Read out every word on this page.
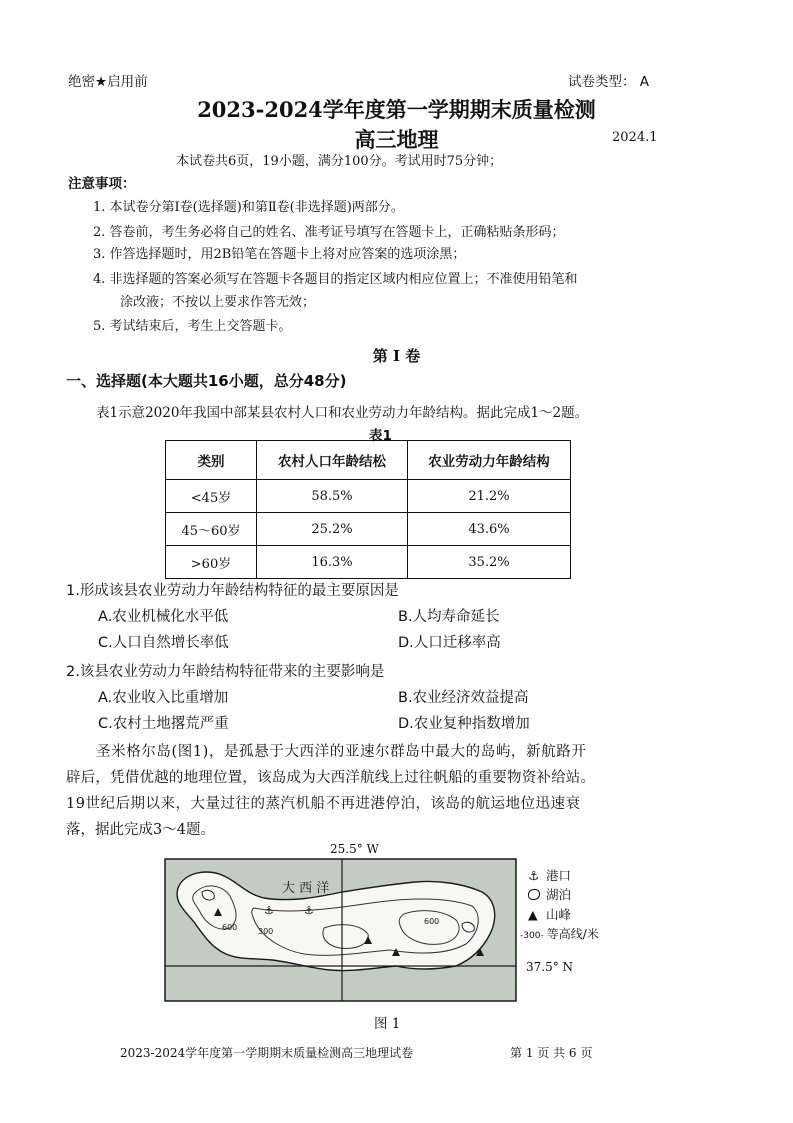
绝密★启用前	试卷类型： A
2023-2024学年度第一学期期末质量检测
高三地理	2024.1
本试卷共6页，19小题，满分100分。考试用时75分钟；
注意事项：
1. 本试卷分第Ⅰ卷(选择题)和第Ⅱ卷(非选择题)两部分。
2. 答卷前，考生务必将自己的姓名、准考证号填写在答题卡上，正确粘贴条形码；
3. 作答选择题时，用2B铅笔在答题卡上将对应答案的选项涂黑；
4. 非选择题的答案必须写在答题卡各题目的指定区域内相应位置上；不准使用铅笔和
涂改液；不按以上要求作答无效；
5. 考试结束后，考生上交答题卡。
第 I 卷
一、选择题(本大题共16小题，总分48分)
表1示意2020年我国中部某县农村人口和农业劳动力年龄结构。据此完成1～2题。
表1
类别	农村人口年龄结松	农业劳动力年龄结构
<45岁	58.5%	21.2%
45～60岁	25.2%	43.6%
>60岁	16.3%	35.2%
1.形成该县农业劳动力年龄结构特征的最主要原因是
A.农业机械化水平低	B.人均寿命延长
C.人口自然增长率低	D.人口迁移率高
2.该县农业劳动力年龄结构特征带来的主要影响是
A.农业收入比重增加	B.农业经济效益提高
C.农村土地撂荒严重	D.农业复种指数增加
圣米格尔岛(图1)，是孤悬于大西洋的亚速尔群岛中最大的岛屿，新航路开
辟后，凭借优越的地理位置，该岛成为大西洋航线上过往帆船的重要物资补给站。
19世纪后期以来，大量过往的蒸汽机船不再进港停泊，该岛的航运地位迅速衰
落，据此完成3～4题。
25.5° W
⚓	⚓
大 西 洋
600	300
600
⚓ 港口
湖泊
▲ 山峰
-300- 等高线/米
37.5° N
图 1
2023-2024学年度第一学期期末质量检测高三地理试卷	第 1 页 共 6 页
